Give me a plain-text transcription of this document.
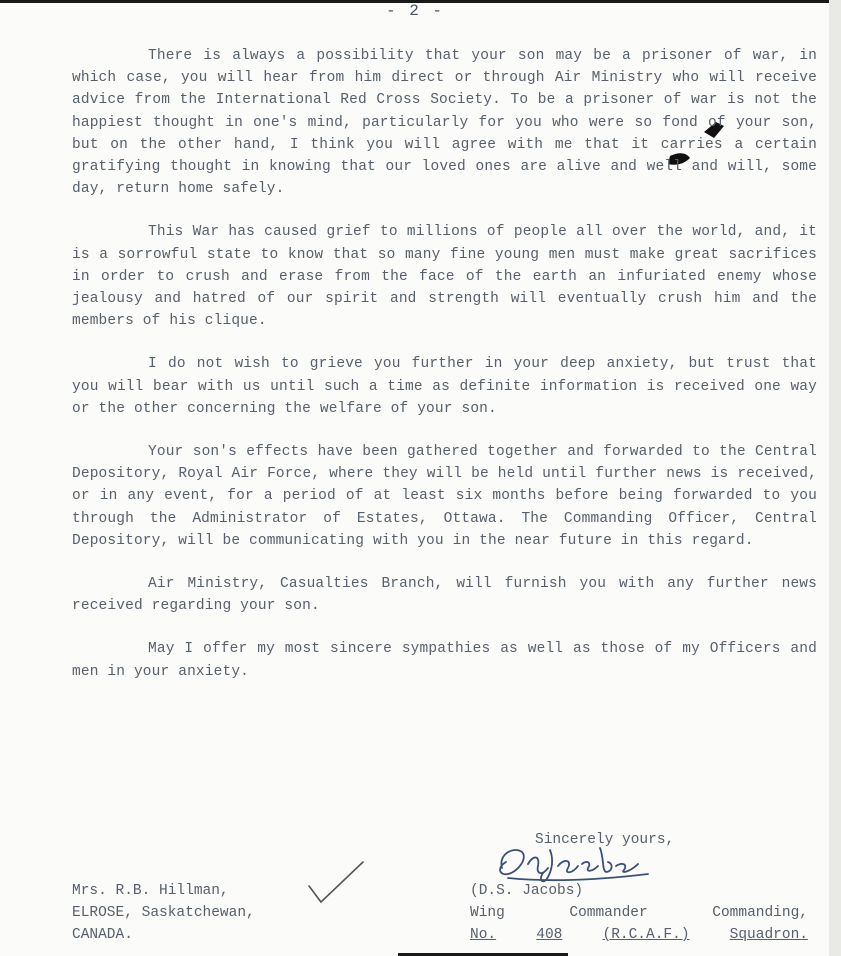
- 2 -

There is always a possibility that your son may be a prisoner of war, in which case, you will hear from him direct or through Air Ministry who will receive advice from the International Red Cross Society. To be a prisoner of war is not the happiest thought in one's mind, particularly for you who were so fond of your son, but on the other hand, I think you will agree with me that it carries a certain gratifying thought in knowing that our loved ones are alive and well and will, some day, return home safely.

This War has caused grief to millions of people all over the world, and, it is a sorrowful state to know that so many fine young men must make great sacrifices in order to crush and erase from the face of the earth an infuriated enemy whose jealousy and hatred of our spirit and strength will eventually crush him and the members of his clique.

I do not wish to grieve you further in your deep anxiety, but trust that you will bear with us until such a time as definite information is received one way or the other concerning the welfare of your son.

Your son's effects have been gathered together and forwarded to the Central Depository, Royal Air Force, where they will be held until further news is received, or in any event, for a period of at least six months before being forwarded to you through the Administrator of Estates, Ottawa. The Commanding Officer, Central Depository, will be communicating with you in the near future in this regard.

Air Ministry, Casualties Branch, will furnish you with any further news received regarding your son.

May I offer my most sincere sympathies as well as those of my Officers and men in your anxiety.

Sincerely yours,
Mrs. R.B. Hillman,
ELROSE, Saskatchewan,
CANADA.
(D.S. Jacobs)
Wing	Commander	Commanding,
No.	408	(R.C.A.F.)	Squadron.
